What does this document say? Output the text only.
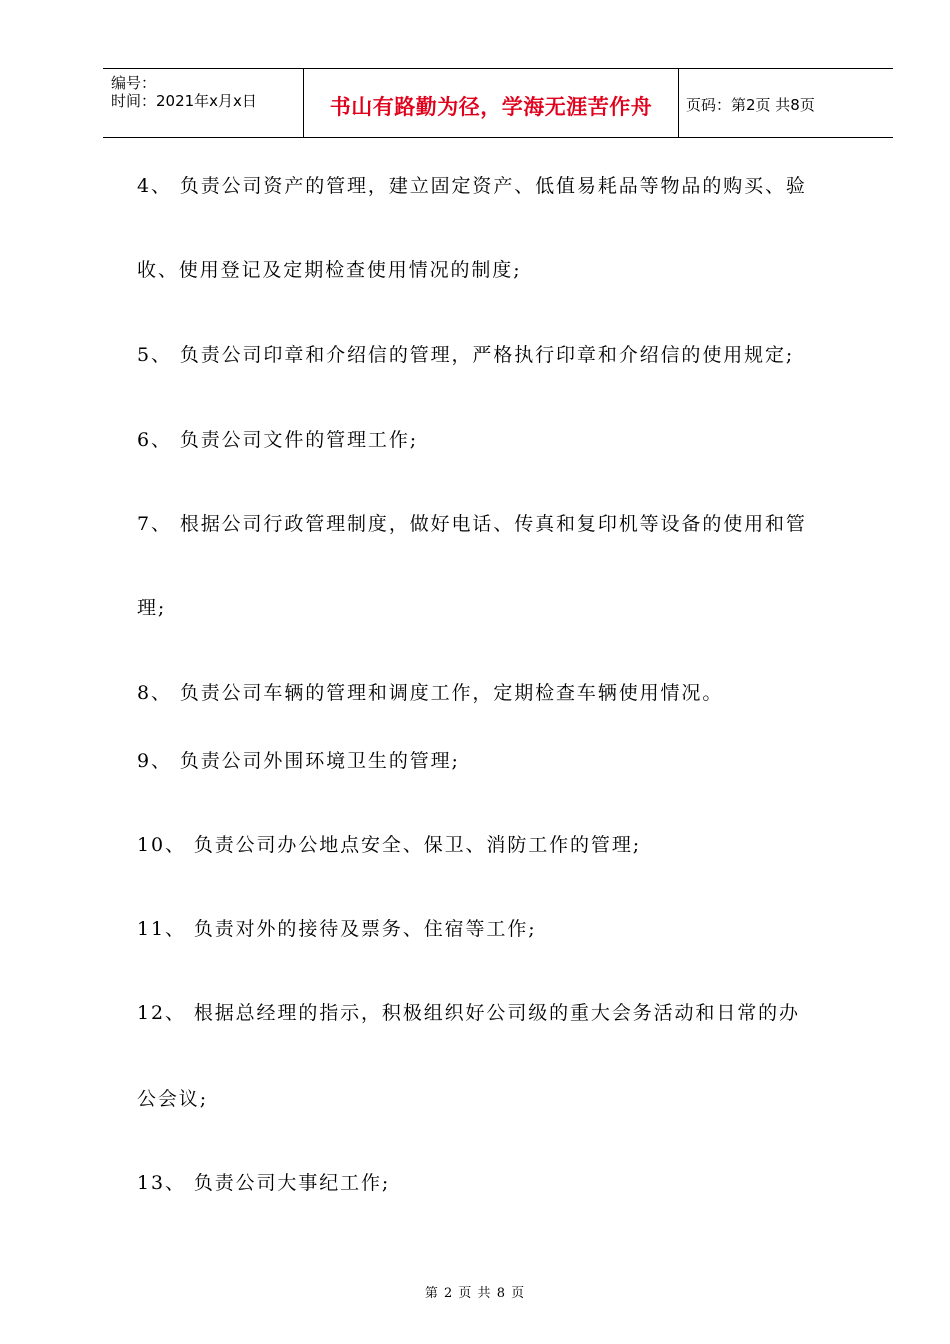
编号：
时间：2021年x月x日	书山有路勤为径，学海无涯苦作舟	页码：第2页 共8页
4、 负责公司资产的管理，建立固定资产、低值易耗品等物品的购买、验
收、使用登记及定期检查使用情况的制度;
5、 负责公司印章和介绍信的管理，严格执行印章和介绍信的使用规定;
6、 负责公司文件的管理工作;
7、 根据公司行政管理制度，做好电话、传真和复印机等设备的使用和管
理;
8、 负责公司车辆的管理和调度工作，定期检查车辆使用情况。
9、 负责公司外围环境卫生的管理;
10、 负责公司办公地点安全、保卫、消防工作的管理;
11、 负责对外的接待及票务、住宿等工作;
12、 根据总经理的指示，积极组织好公司级的重大会务活动和日常的办
公会议;
13、 负责公司大事纪工作;
第 2 页 共 8 页
